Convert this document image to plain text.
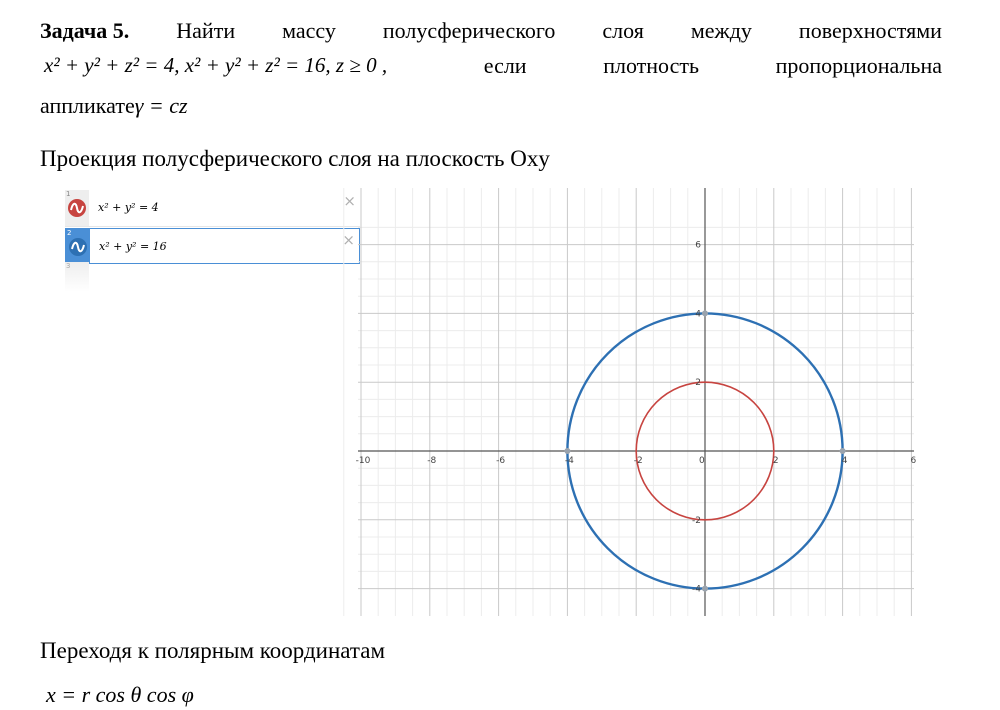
Задача 5. Найти массу полусферического слоя между поверхностями
x² + y² + z² = 4, x² + y² + z² = 16, z ≥ 0 ,	если	плотность	пропорциональна
аппликатеγ = cz
Проекция полусферического слоя на плоскость Oxy
1
x² + y² = 4	×
2
x² + y² = 16	×
3
-10	-8	-6	-4	-2	0	2	4	6
6
4
2
-2
-4
Переходя к полярным координатам
x = r cos θ cos φ
